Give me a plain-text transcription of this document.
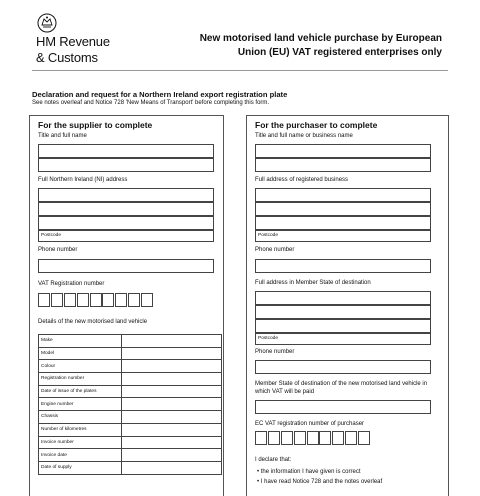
HM Revenue
& Customs
New motorised land vehicle purchase by European Union (EU) VAT registered enterprises only
Declaration and request for a Northern Ireland export registration plate
See notes overleaf and Notice 728 'New Means of Transport' before completing this form.
For the supplier to complete
Title and full name
Full Northern Ireland (NI) address
Postcode
Phone number
VAT Registration number
Details of the new motorised land vehicle
Make	
Model	
Colour	
Registration number	
Date of issue of the plates	
Engine number	
Chassis	
Number of kilometres	
Invoice number	
Invoice date	
Date of supply	
For the purchaser to complete
Title and full name or business name
Full address of registered business
Postcode
Phone number
Full address in Member State of destination
Postcode
Phone number
Member State of destination of the new motorised land vehicle in which VAT will be paid
EC VAT registration number of purchaser
I declare that:
• the information I have given is correct
• I have read Notice 728 and the notes overleaf
